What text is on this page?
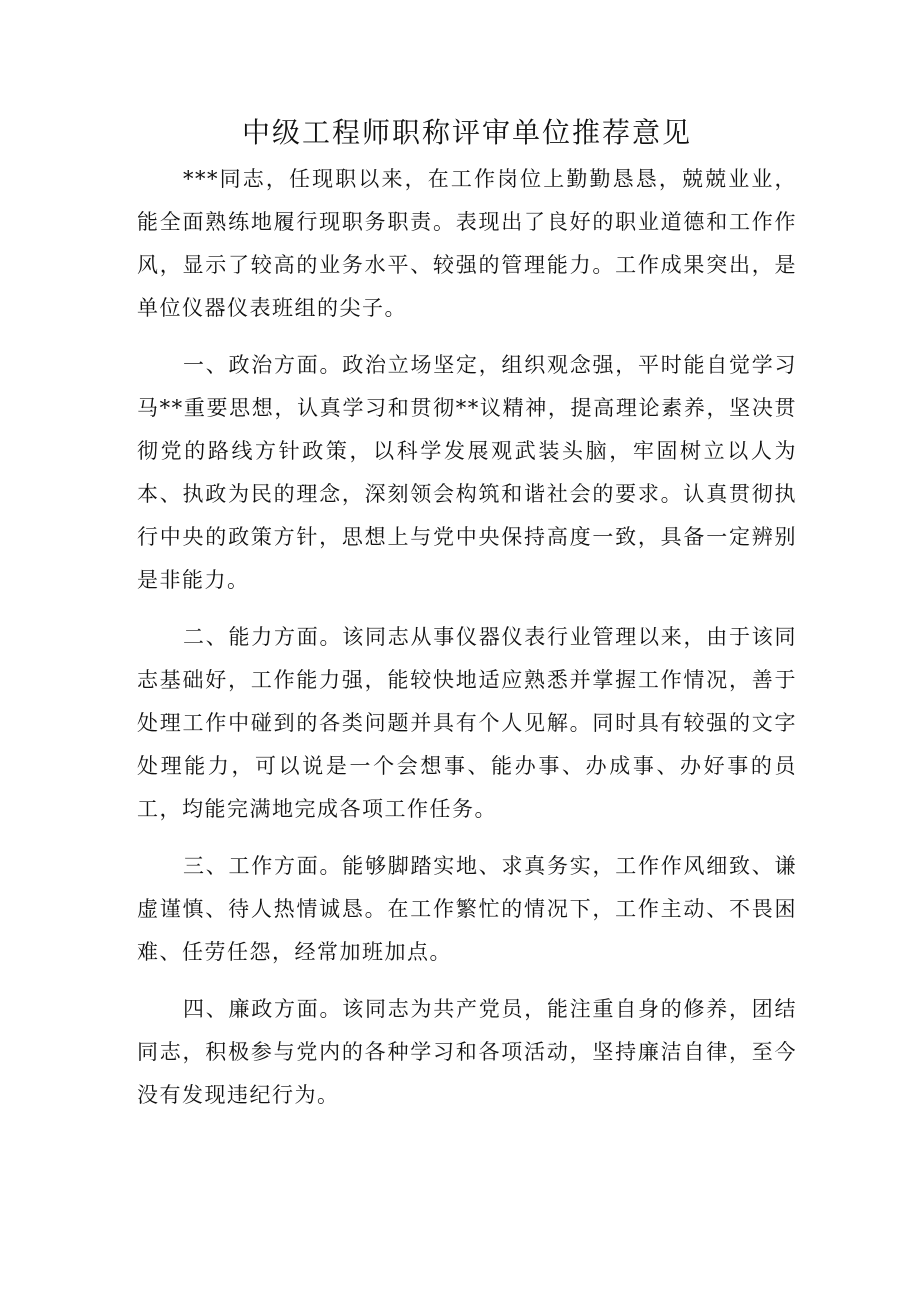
中级工程师职称评审单位推荐意见

***同志，任现职以来，在工作岗位上勤勤恳恳，兢兢业业，能全面熟练地履行现职务职责。表现出了良好的职业道德和工作作风，显示了较高的业务水平、较强的管理能力。工作成果突出，是单位仪器仪表班组的尖子。

一、政治方面。政治立场坚定，组织观念强，平时能自觉学习马**重要思想，认真学习和贯彻**议精神，提高理论素养，坚决贯彻党的路线方针政策，以科学发展观武装头脑，牢固树立以人为本、执政为民的理念，深刻领会构筑和谐社会的要求。认真贯彻执行中央的政策方针，思想上与党中央保持高度一致，具备一定辨别是非能力。

二、能力方面。该同志从事仪器仪表行业管理以来，由于该同志基础好，工作能力强，能较快地适应熟悉并掌握工作情况，善于处理工作中碰到的各类问题并具有个人见解。同时具有较强的文字处理能力，可以说是一个会想事、能办事、办成事、办好事的员工，均能完满地完成各项工作任务。

三、工作方面。能够脚踏实地、求真务实，工作作风细致、谦虚谨慎、待人热情诚恳。在工作繁忙的情况下，工作主动、不畏困难、任劳任怨，经常加班加点。

四、廉政方面。该同志为共产党员，能注重自身的修养，团结同志，积极参与党内的各种学习和各项活动，坚持廉洁自律，至今没有发现违纪行为。
